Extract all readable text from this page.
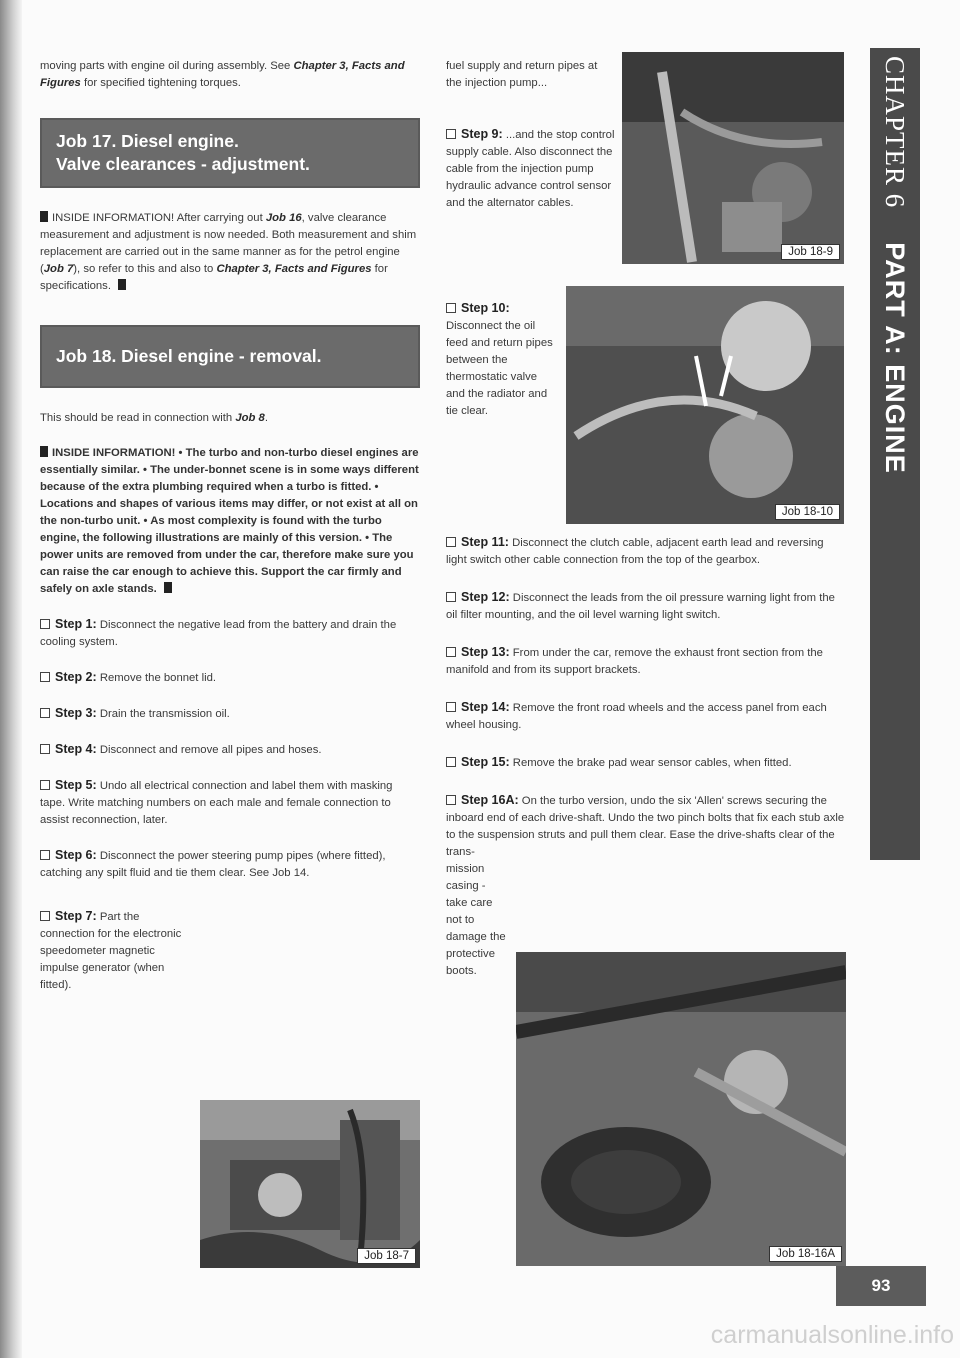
moving parts with engine oil during assembly. See Chapter 3, Facts and Figures for specified tightening torques.

Job 17. Diesel engine.
Valve clearances - adjustment.

INSIDE INFORMATION! After carrying out Job 16, valve clearance measurement and adjustment is now needed. Both measurement and shim replacement are carried out in the same manner as for the petrol engine (Job 7), so refer to this and also to Chapter 3, Facts and Figures for specifications.

Job 18. Diesel engine - removal.

This should be read in connection with Job 8.

INSIDE INFORMATION! • The turbo and non-turbo diesel engines are essentially similar. • The under-bonnet scene is in some ways different because of the extra plumbing required when a turbo is fitted. • Locations and shapes of various items may differ, or not exist at all on the non-turbo unit. • As most complexity is found with the turbo engine, the following illustrations are mainly of this version. • The power units are removed from under the car, therefore make sure you can raise the car enough to achieve this. Support the car firmly and safely on axle stands.

Step 1: Disconnect the negative lead from the battery and drain the cooling system.

Step 2: Remove the bonnet lid.

Step 3: Drain the transmission oil.

Step 4: Disconnect and remove all pipes and hoses.

Step 5: Undo all electrical connection and label them with masking tape. Write matching numbers on each male and female connection to assist reconnection, later.

Step 6: Disconnect the power steering pump pipes (where fitted), catching any spilt fluid and tie them clear. See Job 14.

Step 7: Part the connection for the electronic speedometer magnetic impulse generator (when fitted).

Job 18-7

fuel supply and return pipes at the injection pump...

Step 9: ...and the stop control supply cable. Also disconnect the cable from the injection pump hydraulic advance control sensor and the alternator cables.

Step 10: Disconnect the oil feed and return pipes between the thermostatic valve and the radiator and tie clear.

Job 18-9
Job 18-10

Step 11: Disconnect the clutch cable, adjacent earth lead and reversing light switch other cable connection from the top of the gearbox.

Step 12: Disconnect the leads from the oil pressure warning light from the oil filter mounting, and the oil level warning light switch.

Step 13: From under the car, remove the exhaust front section from the manifold and from its support brackets.

Step 14: Remove the front road wheels and the access panel from each wheel housing.

Step 15: Remove the brake pad wear sensor cables, when fitted.

Step 16A: On the turbo version, undo the six 'Allen' screws securing the inboard end of each drive-shaft. Undo the two pinch bolts that fix each stub axle to the suspension struts and pull them clear. Ease the drive-shafts clear of the trans-

mission casing - take care not to damage the protective boots.

Job 18-16A
CHAPTER 6
PART A: ENGINE
93
carmanualsonline.info
